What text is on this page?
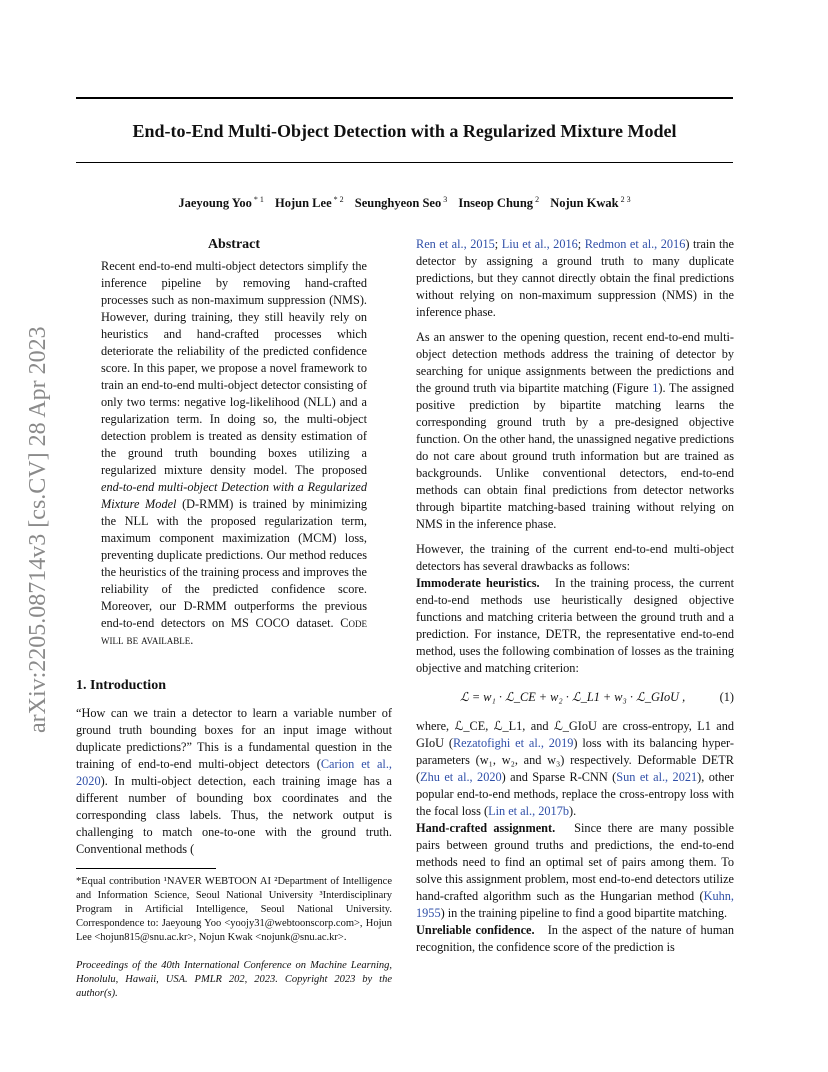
End-to-End Multi-Object Detection with a Regularized Mixture Model
Jaeyoung Yoo $^{* 1}$ Hojun Lee $^{* 2}$ Seunghyeon Seo $^3$ Inseop Chung $^2$ Nojun Kwak $^{2 3}$
arXiv:2205.08714v3 [cs.CV] 28 Apr 2023
Abstract
Recent end-to-end multi-object detectors simplify the inference pipeline by removing hand-crafted processes such as non-maximum suppression (NMS). However, during training, they still heavily rely on heuristics and hand-crafted processes which deteriorate the reliability of the predicted confidence score. In this paper, we propose a novel framework to train an end-to-end multi-object detector consisting of only two terms: negative log-likelihood (NLL) and a regularization term. In doing so, the multi-object detection problem is treated as density estimation of the ground truth bounding boxes utilizing a regularized mixture density model. The proposed end-to-end multi-object Detection with a Regularized Mixture Model (D-RMM) is trained by minimizing the NLL with the proposed regularization term, maximum component maximization (MCM) loss, preventing duplicate predictions. Our method reduces the heuristics of the training process and improves the reliability of the predicted confidence score. Moreover, our D-RMM outperforms the previous end-to-end detectors on MS COCO dataset. Code will be available.
1. Introduction

“How can we train a detector to learn a variable number of ground truth bounding boxes for an input image without duplicate predictions?” This is a fundamental question in the training of end-to-end multi-object detectors (Carion et al., 2020). In multi-object detection, each training image has a different number of bounding box coordinates and the corresponding class labels. Thus, the network output is challenging to match one-to-one with the ground truth. Conventional methods (

*Equal contribution ¹NAVER WEBTOON AI ²Department of Intelligence and Information Science, Seoul National University ³Interdisciplinary Program in Artificial Intelligence, Seoul National University. Correspondence to: Jaeyoung Yoo <yoojy31@webtoonscorp.com>, Hojun Lee <hojun815@snu.ac.kr>, Nojun Kwak <nojunk@snu.ac.kr>.

Proceedings of the 40th International Conference on Machine Learning, Honolulu, Hawaii, USA. PMLR 202, 2023. Copyright 2023 by the author(s).

Ren et al., 2015; Liu et al., 2016; Redmon et al., 2016) train the detector by assigning a ground truth to many duplicate predictions, but they cannot directly obtain the final predictions without relying on non-maximum suppression (NMS) in the inference phase.

As an answer to the opening question, recent end-to-end multi-object detection methods address the training of detector by searching for unique assignments between the predictions and the ground truth via bipartite matching (Figure 1). The assigned positive prediction by bipartite matching learns the corresponding ground truth by a pre-designed objective function. On the other hand, the unassigned negative predictions do not care about ground truth information but are trained as backgrounds. Unlike conventional detectors, end-to-end methods can obtain final predictions from detector networks through bipartite matching-based training without relying on NMS in the inference phase.

However, the training of the current end-to-end multi-object detectors has several drawbacks as follows:

Immoderate heuristics. In the training process, the current end-to-end methods use heuristically designed objective functions and matching criteria between the ground truth and a prediction. For instance, DETR, the representative end-to-end method, uses the following combination of losses as the training objective and matching criterion:

ℒ = w₁ · ℒ_CE + w₂ · ℒ_L1 + w₃ · ℒ_GIoU ,	(1)

where, ℒ_CE, ℒ_L1, and ℒ_GIoU are cross-entropy, L1 and GIoU (Rezatofighi et al., 2019) loss with its balancing hyper-parameters (w₁, w₂, and w₃) respectively. Deformable DETR (Zhu et al., 2020) and Sparse R-CNN (Sun et al., 2021), other popular end-to-end methods, replace the cross-entropy loss with the focal loss (Lin et al., 2017b).

Hand-crafted assignment. Since there are many possible pairs between ground truths and predictions, the end-to-end methods need to find an optimal set of pairs among them. To solve this assignment problem, most end-to-end detectors utilize hand-crafted algorithm such as the Hungarian method (Kuhn, 1955) in the training pipeline to find a good bipartite matching.

Unreliable confidence. In the aspect of the nature of human recognition, the confidence score of the prediction is
